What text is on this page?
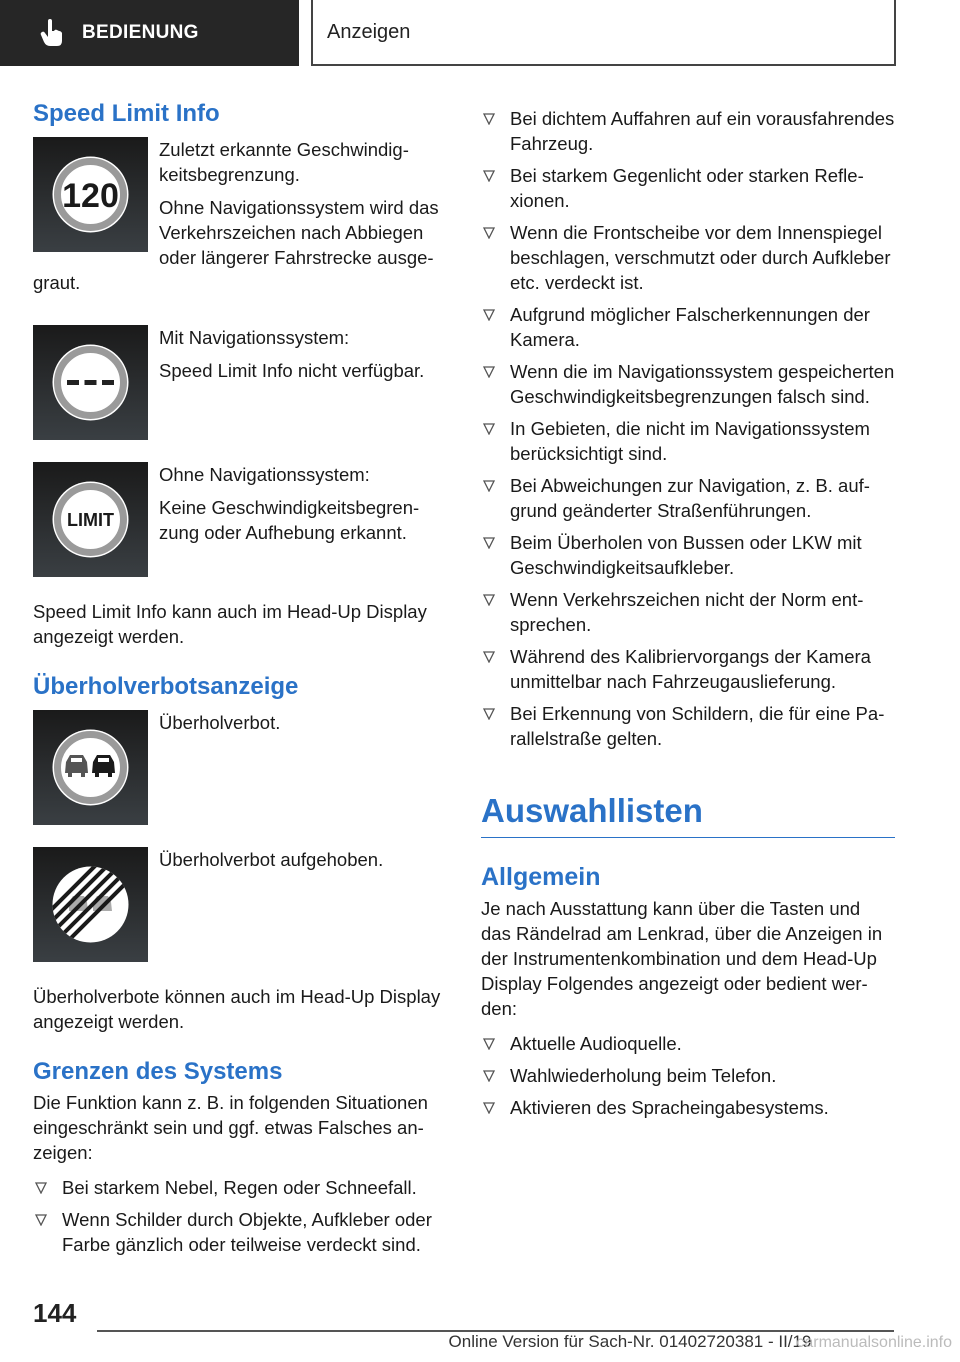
BEDIENUNG	Anzeigen
Speed Limit Info
120

Zuletzt erkannte Geschwindigkeitsbegrenzung.

Ohne Navigationssystem wird das Verkehrszeichen nach Abbiegen oder längerer Fahrstrecke ausgegraut.

Mit Navigationssystem:

Speed Limit Info nicht verfügbar.

LIMIT

Ohne Navigationssystem:

Keine Geschwindigkeitsbegrenzung oder Aufhebung erkannt.

Speed Limit Info kann auch im Head-Up Display angezeigt werden.

Überholverbotsanzeige

Überholverbot.

Überholverbot aufgehoben.

Überholverbote können auch im Head-Up Display angezeigt werden.

Grenzen des Systems

Die Funktion kann z. B. in folgenden Situationen eingeschränkt sein und ggf. etwas Falsches anzeigen:

Bei starkem Nebel, Regen oder Schneefall.
Wenn Schilder durch Objekte, Aufkleber oder Farbe gänzlich oder teilweise verdeckt sind.
Bei dichtem Auffahren auf ein vorausfahrendes Fahrzeug.
Bei starkem Gegenlicht oder starken Reflexionen.
Wenn die Frontscheibe vor dem Innenspiegel beschlagen, verschmutzt oder durch Aufkleber etc. verdeckt ist.
Aufgrund möglicher Falscherkennungen der Kamera.
Wenn die im Navigationssystem gespeicherten Geschwindigkeitsbegrenzungen falsch sind.
In Gebieten, die nicht im Navigationssystem berücksichtigt sind.
Bei Abweichungen zur Navigation, z. B. aufgrund geänderter Straßenführungen.
Beim Überholen von Bussen oder LKW mit Geschwindigkeitsaufkleber.
Wenn Verkehrszeichen nicht der Norm entsprechen.
Während des Kalibriervorgangs der Kamera unmittelbar nach Fahrzeugauslieferung.
Bei Erkennung von Schildern, die für eine Parallelstraße gelten.
Auswahllisten
Allgemein

Je nach Ausstattung kann über die Tasten und das Rändelrad am Lenkrad, über die Anzeigen in der Instrumentenkombination und dem Head-Up Display Folgendes angezeigt oder bedient werden:

Aktuelle Audioquelle.
Wahlwiederholung beim Telefon.
Aktivieren des Spracheingabesystems.
144
Online Version für Sach-Nr. 01402720381 - II/19
carmanualsonline.info
